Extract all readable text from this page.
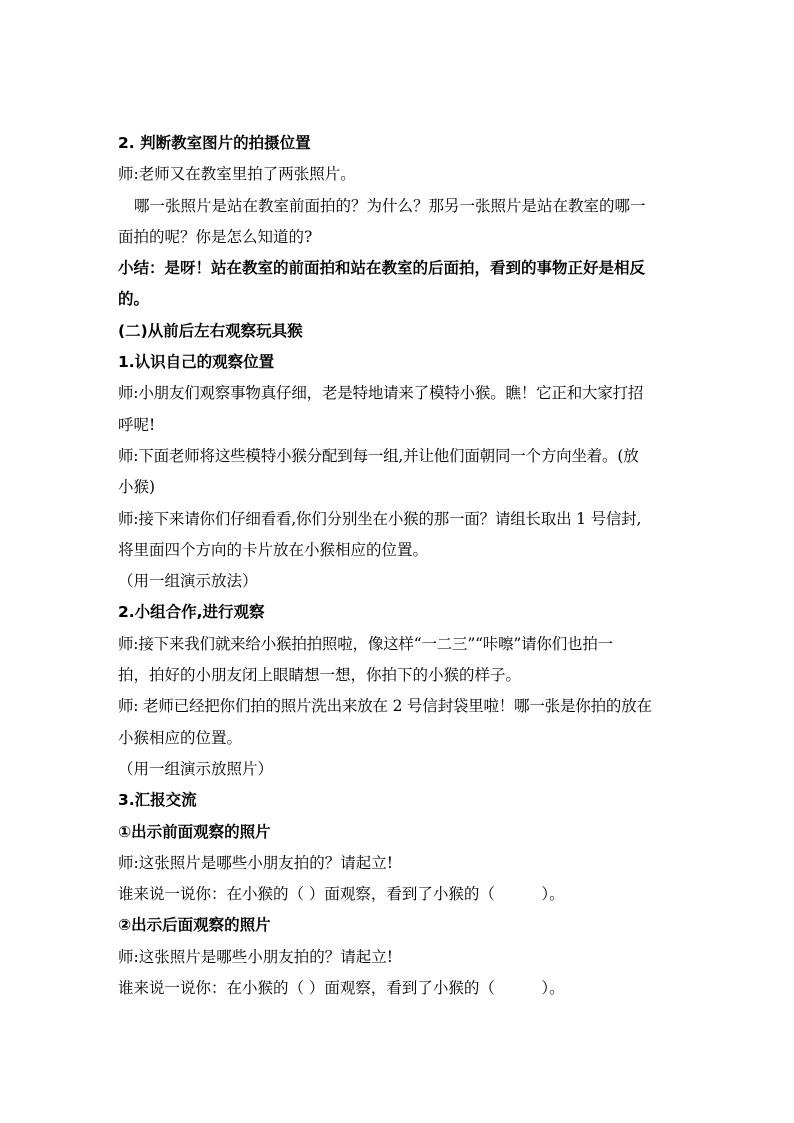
2. 判断教室图片的拍摄位置
师:老师又在教室里拍了两张照片。
哪一张照片是站在教室前面拍的？为什么？那另一张照片是站在教室的哪一
面拍的呢？你是怎么知道的?
小结：是呀！站在教室的前面拍和站在教室的后面拍，看到的事物正好是相反
的。
(二)从前后左右观察玩具猴
1.认识自己的观察位置
师:小朋友们观察事物真仔细，老是特地请来了模特小猴。瞧！它正和大家打招
呼呢!
师:下面老师将这些模特小猴分配到每一组,并让他们面朝同一个方向坐着。(放
小猴)
师:接下来请你们仔细看看,你们分别坐在小猴的那一面？请组长取出 1 号信封,
将里面四个方向的卡片放在小猴相应的位置。
（用一组演示放法）
2.小组合作,进行观察
师:接下来我们就来给小猴拍拍照啦，像这样“一二三”“咔嚓”请你们也拍一
拍，拍好的小朋友闭上眼睛想一想，你拍下的小猴的样子。
师: 老师已经把你们拍的照片洗出来放在 2 号信封袋里啦！哪一张是你拍的放在
小猴相应的位置。
（用一组演示放照片）
3.汇报交流
①出示前面观察的照片
师:这张照片是哪些小朋友拍的？请起立!
谁来说一说你：在小猴的（ ）面观察，看到了小猴的（　　　）。
②出示后面观察的照片
师:这张照片是哪些小朋友拍的？请起立!
谁来说一说你：在小猴的（ ）面观察，看到了小猴的（　　　）。
